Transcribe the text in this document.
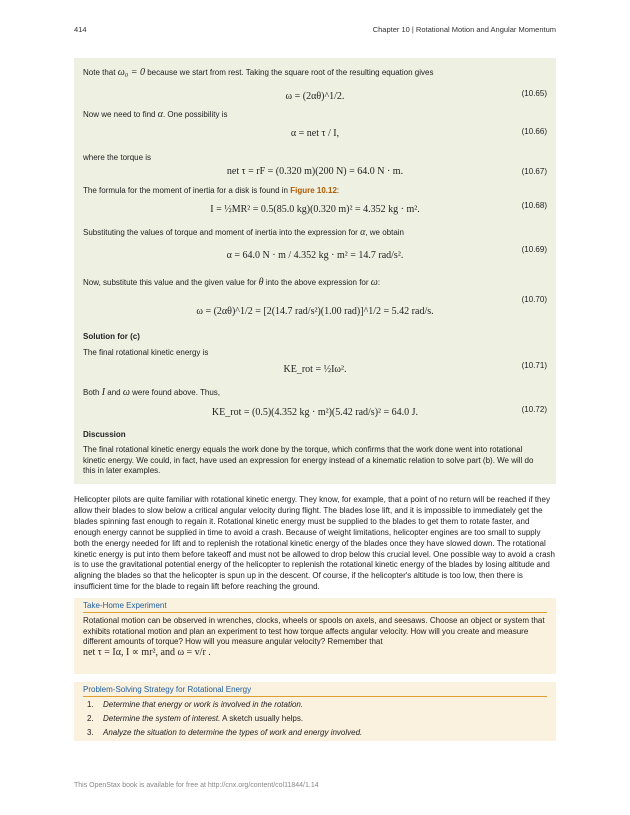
414	Chapter 10 | Rotational Motion and Angular Momentum
Note that ω₀ = 0 because we start from rest. Taking the square root of the resulting equation gives
ω = (2αθ)^1/2.	(10.65)
Now we need to find α. One possibility is
α = net τ / I,	(10.66)
where the torque is
net τ = rF = (0.320 m)(200 N) = 64.0 N · m.	(10.67)
The formula for the moment of inertia for a disk is found in Figure 10.12:
I = ½MR² = 0.5(85.0 kg)(0.320 m)² = 4.352 kg · m².	(10.68)
Substituting the values of torque and moment of inertia into the expression for α, we obtain
α = 64.0 N · m / 4.352 kg · m² = 14.7 rad/s².
(10.69)
Now, substitute this value and the given value for θ into the above expression for ω:
ω = (2αθ)^1/2 = [2(14.7 rad/s²)(1.00 rad)]^1/2 = 5.42 rad/s.
(10.70)
Solution for (c)
The final rotational kinetic energy is
KE_rot = ½Iω².	(10.71)
Both I and ω were found above. Thus,
KE_rot = (0.5)(4.352 kg · m²)(5.42 rad/s)² = 64.0 J.	(10.72)
Discussion
The final rotational kinetic energy equals the work done by the torque, which confirms that the work done went into rotational kinetic energy. We could, in fact, have used an expression for energy instead of a kinematic relation to solve part (b). We will do this in later examples.
Helicopter pilots are quite familiar with rotational kinetic energy. They know, for example, that a point of no return will be reached if they allow their blades to slow below a critical angular velocity during flight. The blades lose lift, and it is impossible to immediately get the blades spinning fast enough to regain it. Rotational kinetic energy must be supplied to the blades to get them to rotate faster, and enough energy cannot be supplied in time to avoid a crash. Because of weight limitations, helicopter engines are too small to supply both the energy needed for lift and to replenish the rotational kinetic energy of the blades once they have slowed down. The rotational kinetic energy is put into them before takeoff and must not be allowed to drop below this crucial level. One possible way to avoid a crash is to use the gravitational potential energy of the helicopter to replenish the rotational kinetic energy of the blades by losing altitude and aligning the blades so that the helicopter is spun up in the descent. Of course, if the helicopter's altitude is too low, then there is insufficient time for the blade to regain lift before reaching the ground.
Take-Home Experiment
Rotational motion can be observed in wrenches, clocks, wheels or spools on axels, and seesaws. Choose an object or system that exhibits rotational motion and plan an experiment to test how torque affects angular velocity. How will you create and measure different amounts of torque? How will you measure angular velocity? Remember that
net τ = Iα, I ∝ mr², and ω = v/r .
Problem-Solving Strategy for Rotational Energy
1. Determine that energy or work is involved in the rotation.
2. Determine the system of interest. A sketch usually helps.
3. Analyze the situation to determine the types of work and energy involved.
This OpenStax book is available for free at http://cnx.org/content/col11844/1.14
